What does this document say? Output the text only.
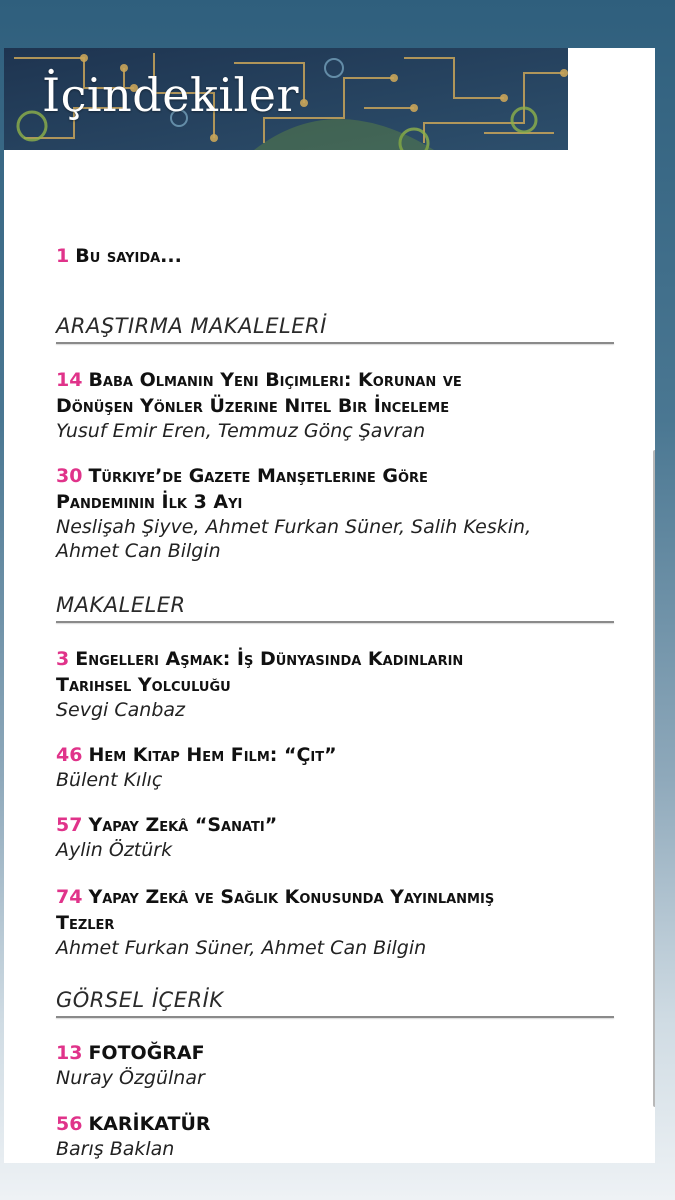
İçindekiler
1 Bu sayıda...
ARAŞTIRMA MAKALELERİ
14 Baba Olmanın Yeni Biçimleri: Korunan ve
Dönüşen Yönler Üzerine Nitel Bir İnceleme
Yusuf Emir Eren, Temmuz Gönç Şavran
30 Türkiye’de Gazete Manşetlerine Göre
Pandeminin İlk 3 Ayı
Neslişah Şiyve, Ahmet Furkan Süner, Salih Keskin,
Ahmet Can Bilgin
MAKALELER
3 Engelleri Aşmak: İş Dünyasında Kadınların
Tarihsel Yolculuğu
Sevgi Canbaz
46 Hem Kitap Hem Film: “Çit”
Bülent Kılıç
57 Yapay Zekâ “Sanatı”
Aylin Öztürk
74 Yapay Zekâ ve Sağlık Konusunda Yayınlanmış
Tezler
Ahmet Furkan Süner, Ahmet Can Bilgin
GÖRSEL İÇERİK
13 FOTOĞRAF
Nuray Özgülnar
56 KARİKATÜR
Barış Baklan
